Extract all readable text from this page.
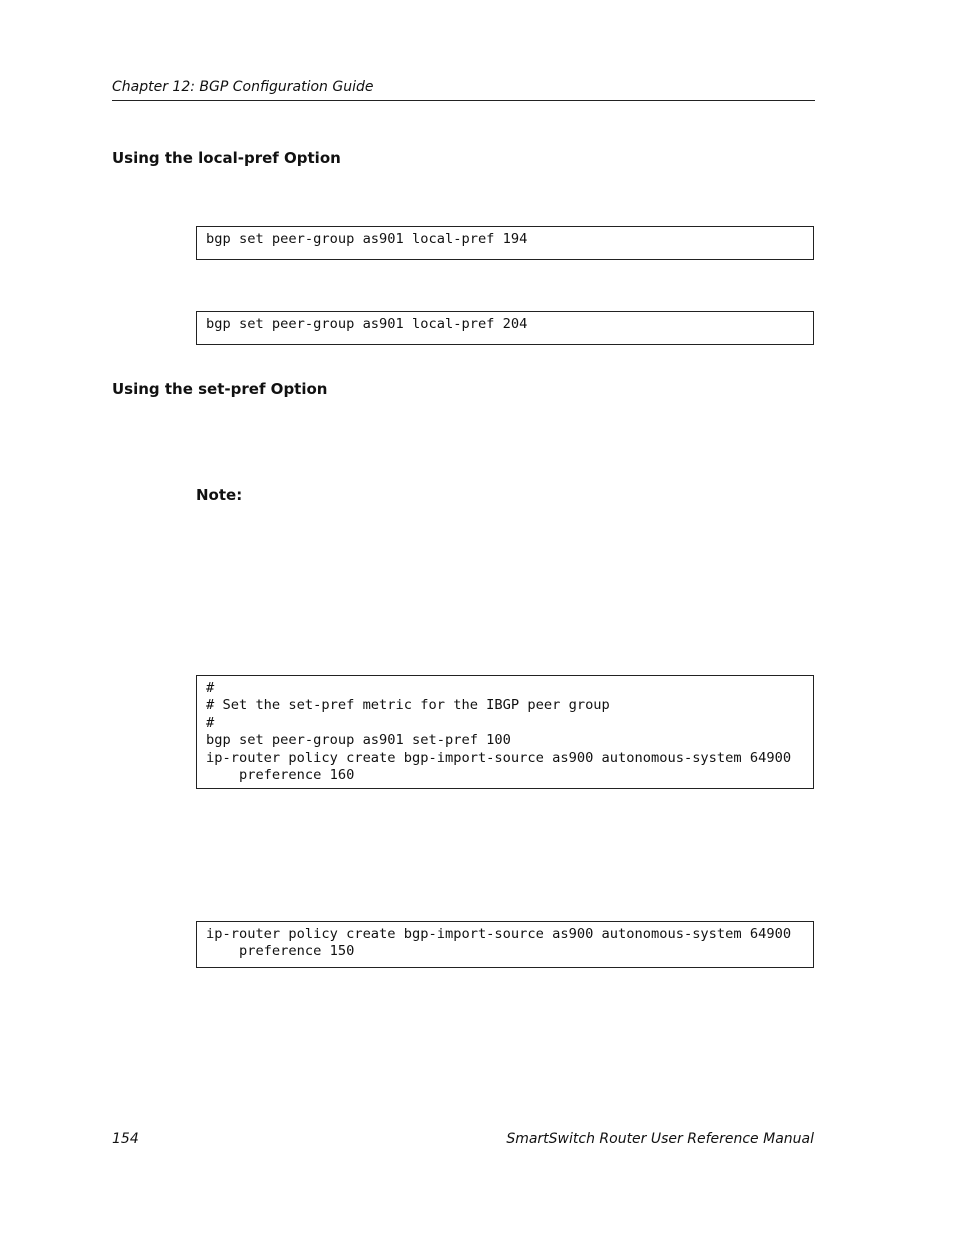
Chapter 12: BGP Configuration Guide
Using the local-pref Option
bgp set peer-group as901 local-pref 194
bgp set peer-group as901 local-pref 204
Using the set-pref Option
Note:
#
# Set the set-pref metric for the IBGP peer group
#
bgp set peer-group as901 set-pref 100
ip-router policy create bgp-import-source as900 autonomous-system 64900
preference 160
ip-router policy create bgp-import-source as900 autonomous-system 64900
preference 150
154	SmartSwitch Router User Reference Manual
